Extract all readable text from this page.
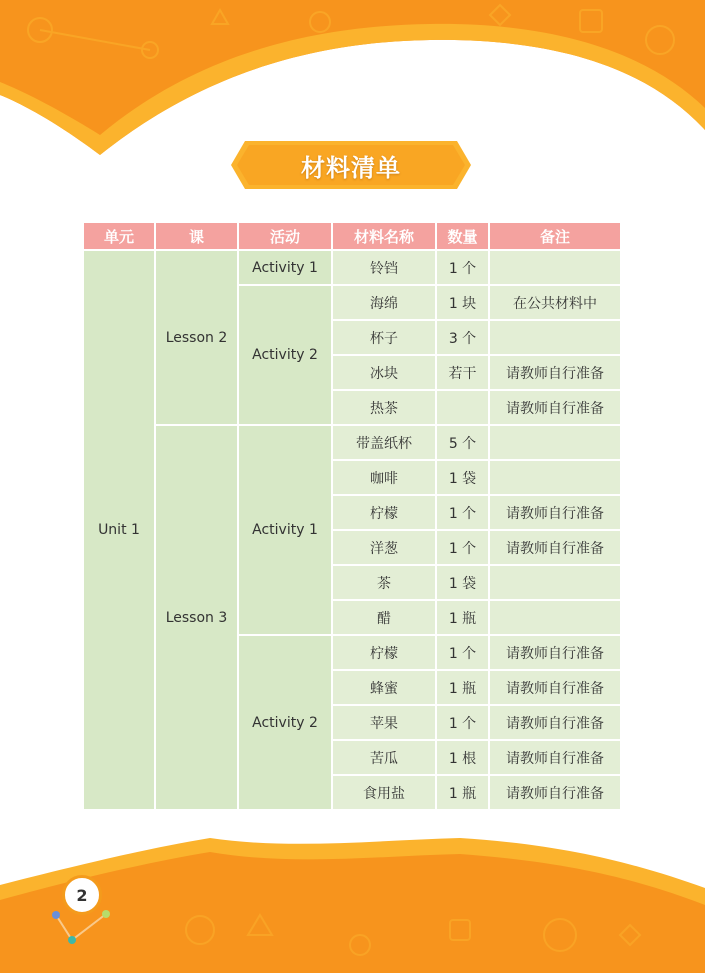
材料清单
单元	课	活动	材料名称	数量	备注
Unit 1	Lesson 2	Activity 1	铃铛	1 个	
		Activity 2	海绵	1 块	在公共材料中
			杯子	3 个	
			冰块	若干	请教师自行准备
			热茶		请教师自行准备
	Lesson 3	Activity 1	带盖纸杯	5 个	
			咖啡	1 袋	
			柠檬	1 个	请教师自行准备
			洋葱	1 个	请教师自行准备
			茶	1 袋	
			醋	1 瓶	
		Activity 2	柠檬	1 个	请教师自行准备
			蜂蜜	1 瓶	请教师自行准备
			苹果	1 个	请教师自行准备
			苦瓜	1 根	请教师自行准备
			食用盐	1 瓶	请教师自行准备
2
